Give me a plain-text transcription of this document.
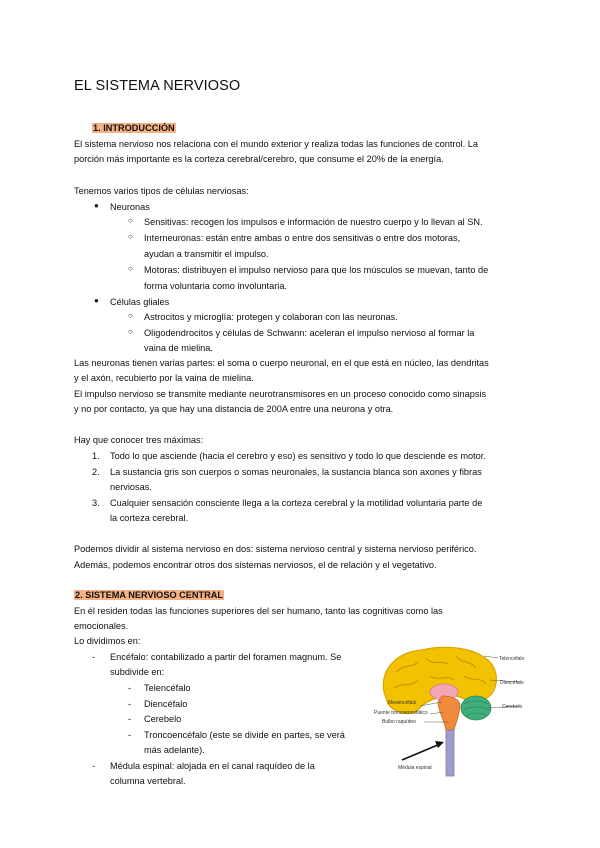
EL SISTEMA NERVIOSO
1. INTRODUCCIÓN
El sistema nervioso nos relaciona con el mundo exterior y realiza todas las funciones de control. La
porción más importante es la corteza cerebral/cerebro, que consume el 20% de la energía.
Tenemos varios tipos de células nerviosas:
● Neuronas
○ Sensitivas: recogen los impulsos e información de nuestro cuerpo y lo llevan al SN.
○ Interneuronas: están entre ambas o entre dos sensitivas o entre dos motoras,
ayudan a transmitir el impulso.
○ Motoras: distribuyen el impulso nervioso para que los músculos se muevan, tanto de
forma voluntaria como involuntaria.
● Células gliales
○ Astrocitos y microglía: protegen y colaboran con las neuronas.
○ Oligodendrocitos y células de Schwann: aceleran el impulso nervioso al formar la
vaina de mielina.
Las neuronas tienen varias partes: el soma o cuerpo neuronal, en el que está en núcleo, las dendritas
y el axón, recubierto por la vaina de mielina.
El impulso nervioso se transmite mediante neurotransmisores en un proceso conocido como sinapsis
y no por contacto, ya que hay una distancia de 200A entre una neurona y otra.
Hay que conocer tres máximas:
1. Todo lo que asciende (hacia el cerebro y eso) es sensitivo y todo lo que desciende es motor.
2. La sustancia gris son cuerpos o somas neuronales, la sustancia blanca son axones y fibras
nerviosas.
3. Cualquier sensación consciente llega a la corteza cerebral y la motilidad voluntaria parte de
la corteza cerebral.
Podemos dividir al sistema nervioso en dos: sistema nervioso central y sistema nervioso periférico.
Además, podemos encontrar otros dos sistemas nerviosos, el de relación y el vegetativo.
2. SISTEMA NERVIOSO CENTRAL
En él residen todas las funciones superiores del ser humano, tanto las cognitivas como las
emocionales.
Lo dividimos en:
- Encéfalo: contabilizado a partir del foramen magnum. Se
subdivide en:
- Telencéfalo
- Diencéfalo
- Cerebelo
- Troncoencéfalo (este se divide en partes, se verá
más adelante).
- Médula espinal: alojada en el canal raquídeo de la
columna vertebral.
Telencéfalo
Diencéfalo
Cerebelo
Mesencéfalo
Puente troncoencefálico
Bulbo raquídeo
Médula espinal
